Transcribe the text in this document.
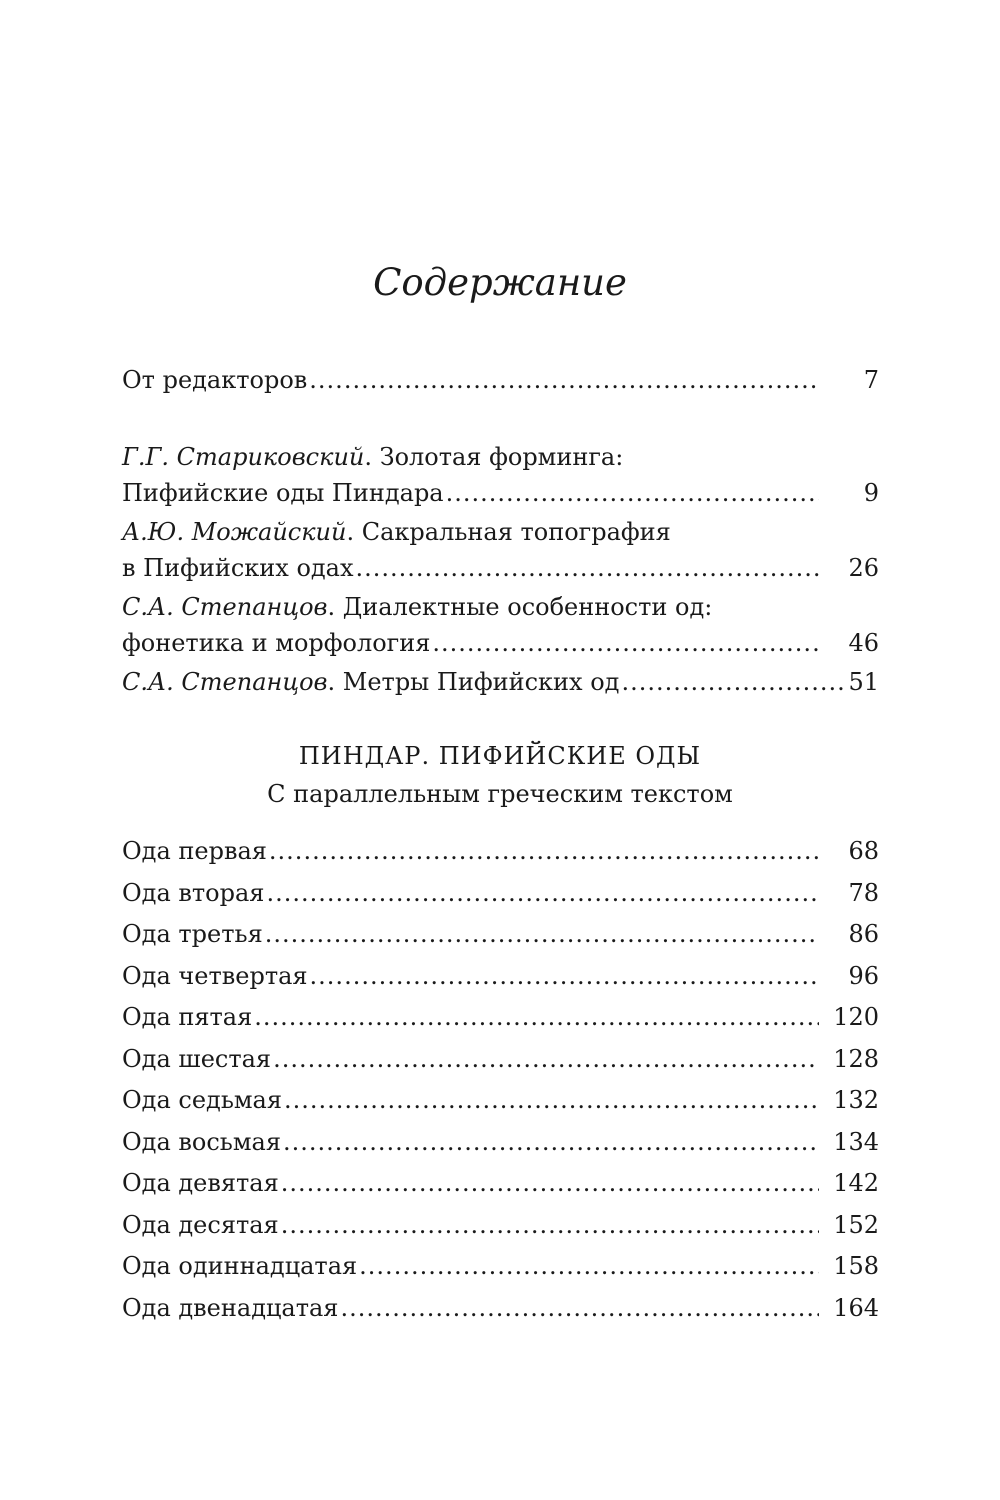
Содержание
От редакторов .....	7
Г.Г. Стариковский. Золотая форминга:
Пифийские оды Пиндара .....	9
А.Ю. Можайский. Сакральная топография
в Пифийских одах .....	26
С.А. Степанцов. Диалектные особенности од:
фонетика и морфология .....	46
С.А. Степанцов. Метры Пифийских од .....	51
ПИНДАР. ПИФИЙСКИЕ ОДЫ
С параллельным греческим текстом
Ода первая .....	68
Ода вторая .....	78
Ода третья .....	86
Ода четвертая .....	96
Ода пятая .....	120
Ода шестая .....	128
Ода седьмая .....	132
Ода восьмая .....	134
Ода девятая .....	142
Ода десятая .....	152
Ода одиннадцатая .....	158
Ода двенадцатая .....	164
